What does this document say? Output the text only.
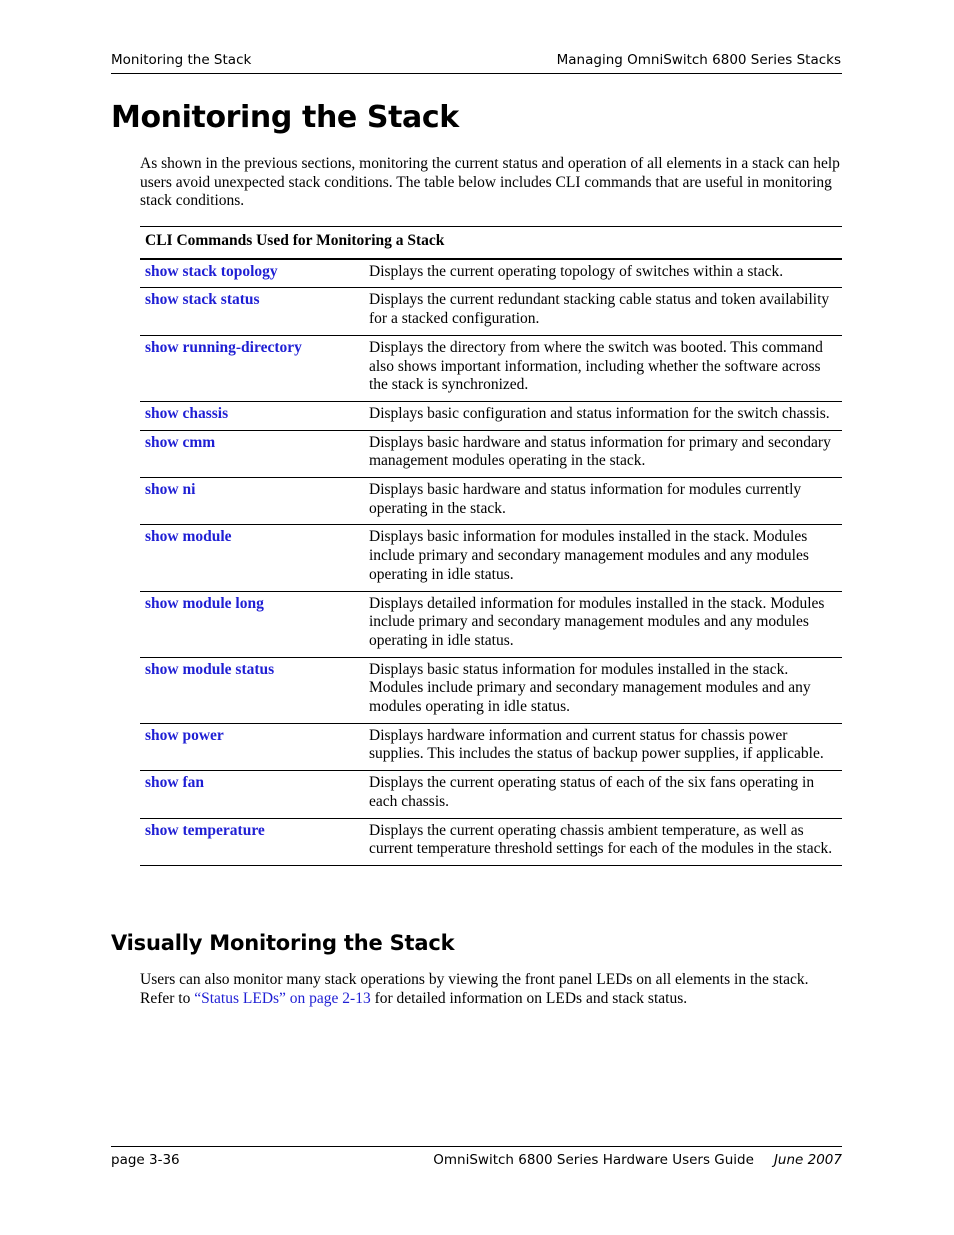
Monitoring the Stack	Managing OmniSwitch 6800 Series Stacks
Monitoring the Stack

As shown in the previous sections, monitoring the current status and operation of all elements in a stack can help users avoid unexpected stack conditions. The table below includes CLI commands that are useful in monitoring stack conditions.

CLI Commands Used for Monitoring a Stack	
show stack topology	Displays the current operating topology of switches within a stack.
show stack status	Displays the current redundant stacking cable status and token availability for a stacked configuration.
show running-directory	Displays the directory from where the switch was booted. This command also shows important information, including whether the software across the stack is synchronized.
show chassis	Displays basic configuration and status information for the switch chassis.
show cmm	Displays basic hardware and status information for primary and secondary management modules operating in the stack.
show ni	Displays basic hardware and status information for modules currently operating in the stack.
show module	Displays basic information for modules installed in the stack. Modules include primary and secondary management modules and any modules operating in idle status.
show module long	Displays detailed information for modules installed in the stack. Modules include primary and secondary management modules and any modules operating in idle status.
show module status	Displays basic status information for modules installed in the stack. Modules include primary and secondary management modules and any modules operating in idle status.
show power	Displays hardware information and current status for chassis power supplies. This includes the status of backup power supplies, if applicable.
show fan	Displays the current operating status of each of the six fans operating in each chassis.
show temperature	Displays the current operating chassis ambient temperature, as well as current temperature threshold settings for each of the modules in the stack.
Visually Monitoring the Stack

Users can also monitor many stack operations by viewing the front panel LEDs on all elements in the stack. Refer to “Status LEDs” on page 2-13 for detailed information on LEDs and stack status.

page 3-36	OmniSwitch 6800 Series Hardware Users Guide June 2007
